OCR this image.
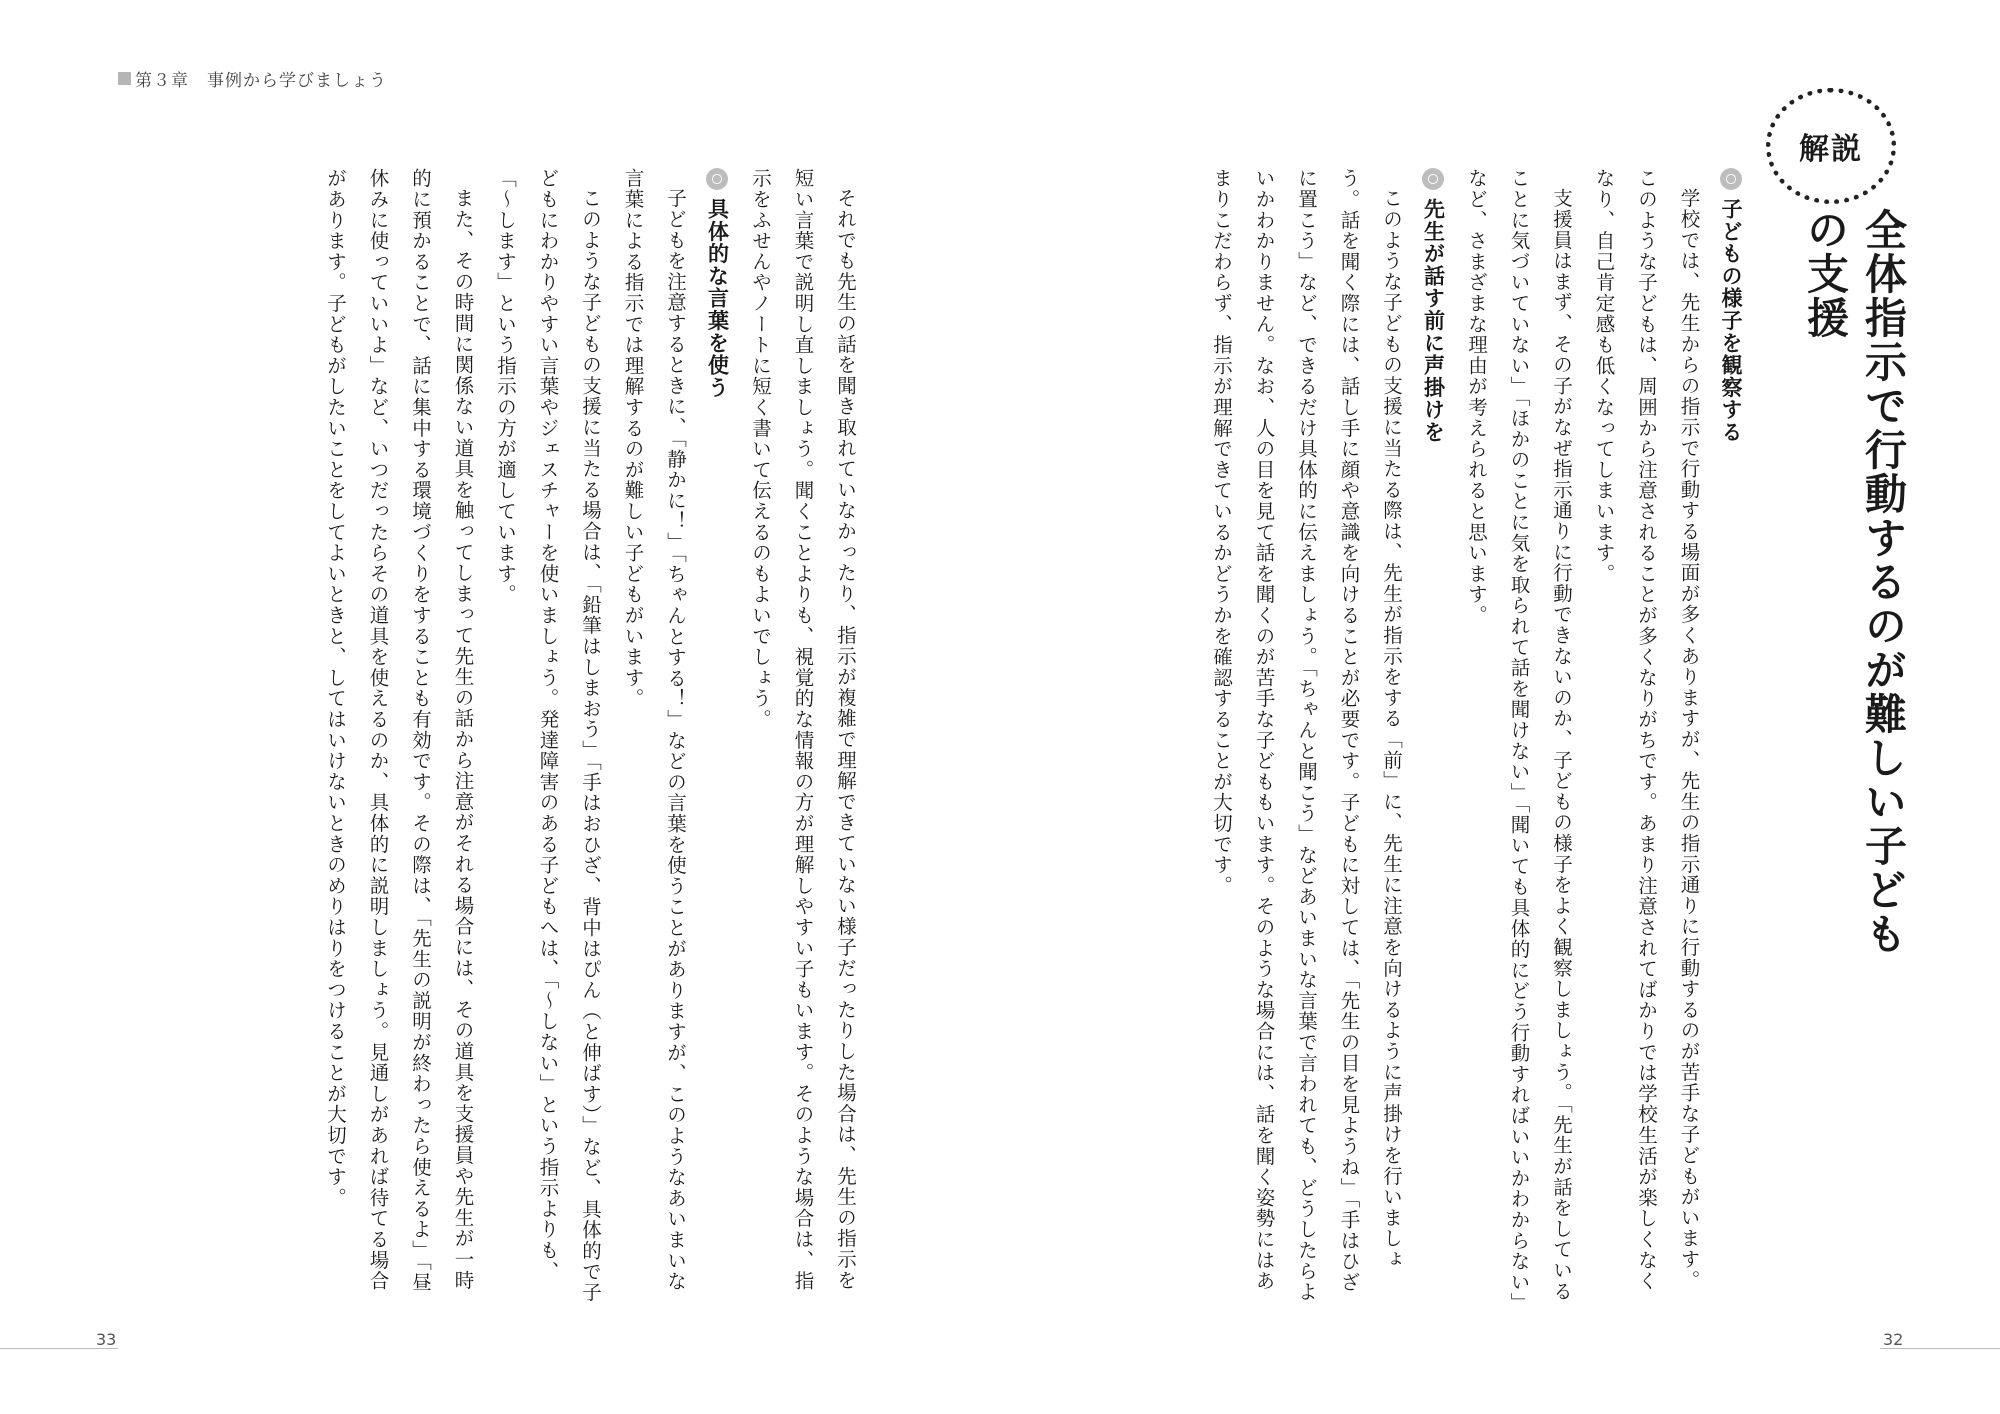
第３章　事例から学びましょう
解説
全体指示で行動するのが難しい子どもの支援
子どもの様子を観察する

学校では、先生からの指示で行動する場面が多くありますが、先生の指示通りに行動するのが苦手な子どもがいます。このような子どもは、周囲から注意されることが多くなりがちです。あまり注意されてばかりでは学校生活が楽しくなくなり、自己肯定感も低くなってしまいます。

支援員はまず、その子がなぜ指示通りに行動できないのか、子どもの様子をよく観察しましょう。「先生が話をしていることに気づいていない」「ほかのことに気を取られて話を聞けない」「聞いても具体的にどう行動すればいいかわからない」など、さまざまな理由が考えられると思います。

先生が話す前に声掛けを

このような子どもの支援に当たる際は、先生が指示をする「前」に、先生に注意を向けるように声掛けを行いましょう。話を聞く際には、話し手に顔や意識を向けることが必要です。子どもに対しては、「先生の目を見ようね」「手はひざに置こう」など、できるだけ具体的に伝えましょう。「ちゃんと聞こう」などあいまいな言葉で言われても、どうしたらよいかわかりません。なお、人の目を見て話を聞くのが苦手な子どももいます。そのような場合には、話を聞く姿勢にはあまりこだわらず、指示が理解できているかどうかを確認することが大切です。

それでも先生の話を聞き取れていなかったり、指示が複雑で理解できていない様子だったりした場合は、先生の指示を短い言葉で説明し直しましょう。聞くことよりも、視覚的な情報の方が理解しやすい子もいます。そのような場合は、指示をふせんやノートに短く書いて伝えるのもよいでしょう。

具体的な言葉を使う

子どもを注意するときに、「静かに！」「ちゃんとする！」などの言葉を使うことがありますが、このようなあいまいな言葉による指示では理解するのが難しい子どもがいます。

このような子どもの支援に当たる場合は、「鉛筆はしまおう」「手はおひざ、背中はぴん（と伸ばす）」など、具体的で子どもにわかりやすい言葉やジェスチャーを使いましょう。発達障害のある子どもへは、「〜しない」という指示よりも、「〜します」という指示の方が適しています。

また、その時間に関係ない道具を触ってしまって先生の話から注意がそれる場合には、その道具を支援員や先生が一時的に預かることで、話に集中する環境づくりをすることも有効です。その際は、「先生の説明が終わったら使えるよ」「昼休みに使っていいよ」など、いつだったらその道具を使えるのか、具体的に説明しましょう。見通しがあれば待てる場合があります。子どもがしたいことをしてよいときと、してはいけないときのめりはりをつけることが大切です。

33	32
